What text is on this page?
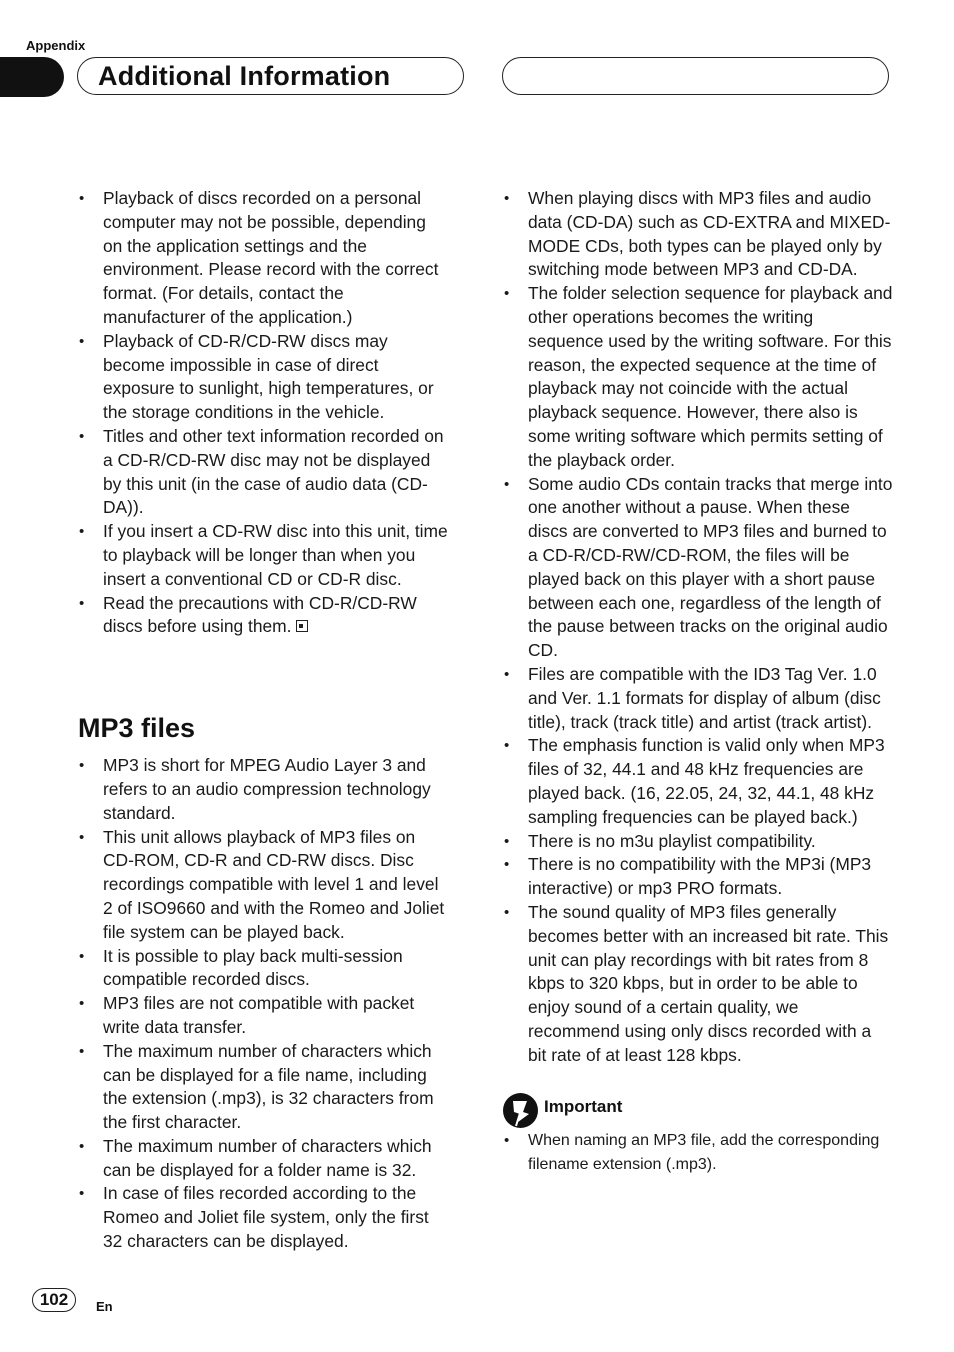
Appendix
Additional Information
• Playback of discs recorded on a personal computer may not be possible, depending on the application settings and the environment. Please record with the correct format. (For details, contact the manufacturer of the application.)
• Playback of CD-R/CD-RW discs may become impossible in case of direct exposure to sunlight, high temperatures, or the storage conditions in the vehicle.
• Titles and other text information recorded on a CD-R/CD-RW disc may not be displayed by this unit (in the case of audio data (CD-DA)).
• If you insert a CD-RW disc into this unit, time to playback will be longer than when you insert a conventional CD or CD-R disc.
• Read the precautions with CD-R/CD-RW discs before using them.
MP3 files
• MP3 is short for MPEG Audio Layer 3 and refers to an audio compression technology standard.
• This unit allows playback of MP3 files on CD-ROM, CD-R and CD-RW discs. Disc recordings compatible with level 1 and level 2 of ISO9660 and with the Romeo and Joliet file system can be played back.
• It is possible to play back multi-session compatible recorded discs.
• MP3 files are not compatible with packet write data transfer.
• The maximum number of characters which can be displayed for a file name, including the extension (.mp3), is 32 characters from the first character.
• The maximum number of characters which can be displayed for a folder name is 32.
• In case of files recorded according to the Romeo and Joliet file system, only the first 32 characters can be displayed.
• When playing discs with MP3 files and audio data (CD-DA) such as CD-EXTRA and MIXED-MODE CDs, both types can be played only by switching mode between MP3 and CD-DA.
• The folder selection sequence for playback and other operations becomes the writing sequence used by the writing software. For this reason, the expected sequence at the time of playback may not coincide with the actual playback sequence. However, there also is some writing software which permits setting of the playback order.
• Some audio CDs contain tracks that merge into one another without a pause. When these discs are converted to MP3 files and burned to a CD-R/CD-RW/CD-ROM, the files will be played back on this player with a short pause between each one, regardless of the length of the pause between tracks on the original audio CD.
• Files are compatible with the ID3 Tag Ver. 1.0 and Ver. 1.1 formats for display of album (disc title), track (track title) and artist (track artist).
• The emphasis function is valid only when MP3 files of 32, 44.1 and 48 kHz frequencies are played back. (16, 22.05, 24, 32, 44.1, 48 kHz sampling frequencies can be played back.)
• There is no m3u playlist compatibility.
• There is no compatibility with the MP3i (MP3 interactive) or mp3 PRO formats.
• The sound quality of MP3 files generally becomes better with an increased bit rate. This unit can play recordings with bit rates from 8 kbps to 320 kbps, but in order to be able to enjoy sound of a certain quality, we recommend using only discs recorded with a bit rate of at least 128 kbps.
Important
• When naming an MP3 file, add the corresponding filename extension (.mp3).
102	En
